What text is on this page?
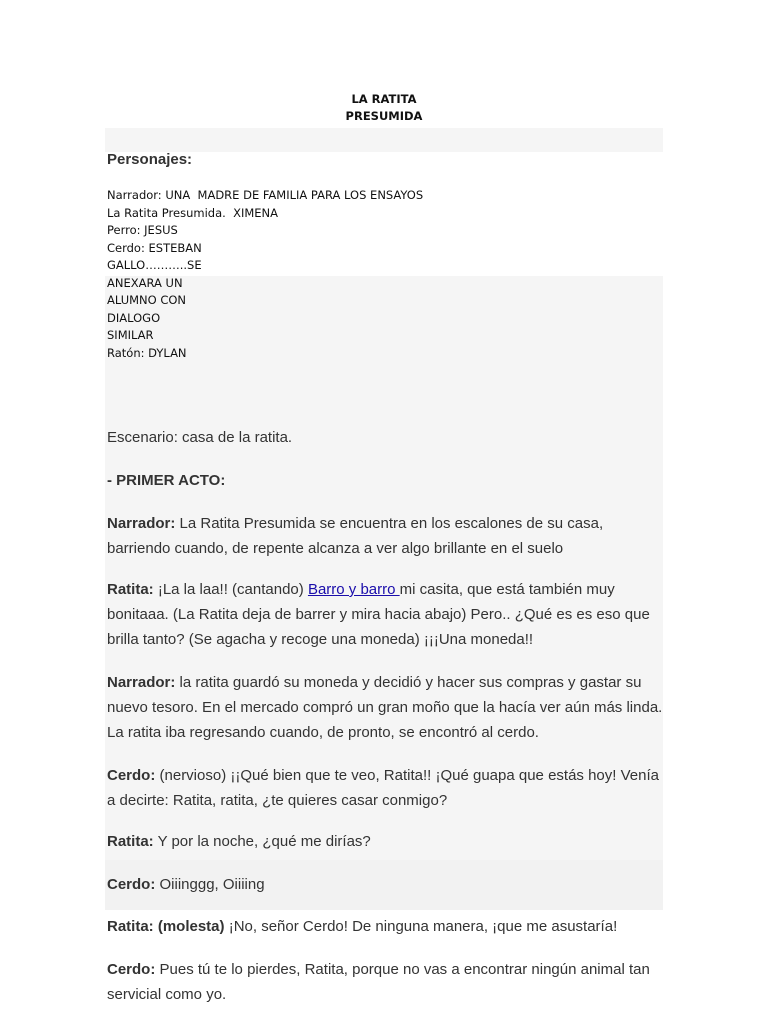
LA RATITA
PRESUMIDA
Personajes:
Narrador: UNA  MADRE DE FAMILIA PARA LOS ENSAYOS
La Ratita Presumida.  XIMENA
Perro: JESUS
Cerdo: ESTEBAN
GALLO………..SE
ANEXARA UN
ALUMNO CON
DIALOGO
SIMILAR
Ratón: DYLAN
Escenario: casa de la ratita.
- PRIMER ACTO:
Narrador: La Ratita Presumida se encuentra en los escalones de su casa, barriendo cuando, de repente alcanza a ver algo brillante en el suelo
Ratita: ¡La la laa!! (cantando) Barro y barro mi casita, que está también muy bonitaaa. (La Ratita deja de barrer y mira hacia abajo) Pero.. ¿Qué es es eso que brilla tanto? (Se agacha y recoge una moneda) ¡¡¡Una moneda!!
Narrador: la ratita guardó su moneda y decidió y hacer sus compras y gastar su nuevo tesoro. En el mercado compró un gran moño que la hacía ver aún más linda. La ratita iba regresando cuando, de pronto, se encontró al cerdo.
Cerdo: (nervioso) ¡¡Qué bien que te veo, Ratita!! ¡Qué guapa que estás hoy! Venía a decirte: Ratita, ratita, ¿te quieres casar conmigo?
Ratita: Y por la noche, ¿qué me dirías?
Cerdo: Oiiinggg, Oiiiing
Ratita: (molesta) ¡No, señor Cerdo! De ninguna manera, ¡que me asustaría!
Cerdo: Pues tú te lo pierdes, Ratita, porque no vas a encontrar ningún animal tan servicial como yo.
